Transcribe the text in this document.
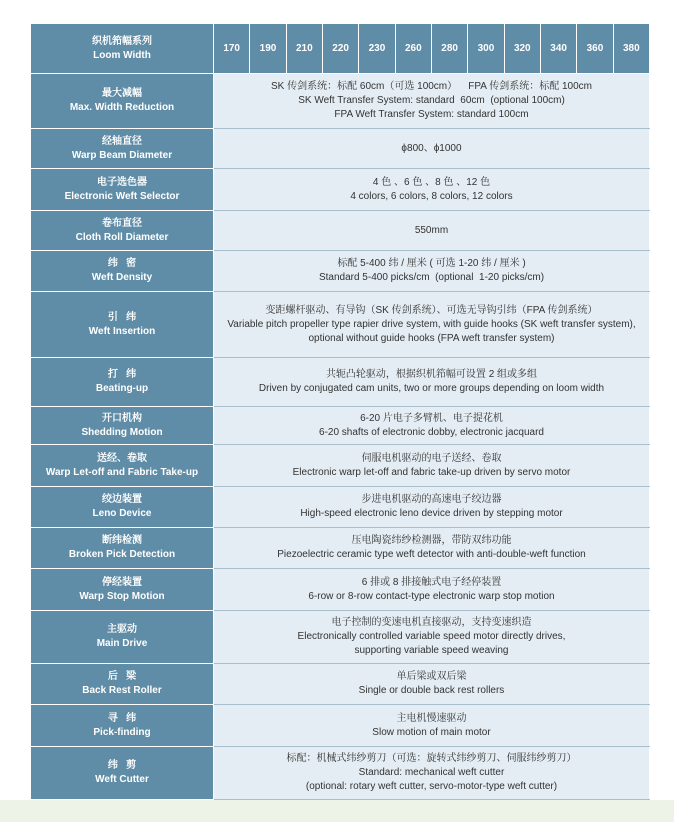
织机筘幅系列
Loom Width	170	190	210	220	230	260	280	300	320	340	360	380

最大减幅
Max. Width Reduction	SK 传剑系统：标配 60cm（可选 100cm）    FPA 传剑系统：标配 100cm
SK Weft Transfer System: standard  60cm  (optional 100cm)
FPA Weft Transfer System: standard 100cm											

经轴直径
Warp Beam Diameter	ϕ800、ϕ1000											

电子选色器
Electronic Weft Selector	4 色 、6 色 、8 色 、12 色
4 colors, 6 colors, 8 colors, 12 colors											

卷布直径
Cloth Roll Diameter	550mm											

纬   密
Weft Density	标配 5-400 纬 / 厘米 ( 可选 1-20 纬 / 厘米 )
Standard 5-400 picks/cm  (optional  1-20 picks/cm)											

引   纬
Weft Insertion	变距螺杆驱动、有导钩（SK 传剑系统）、可选无导钩引纬（FPA 传剑系统）
Variable pitch propeller type rapier drive system, with guide hooks (SK weft transfer system),
optional without guide hooks (FPA weft transfer system)											

打   纬
Beating-up	共轭凸轮驱动，根据织机筘幅可设置 2 组或多组
Driven by conjugated cam units, two or more groups depending on loom width											

开口机构
Shedding Motion	6-20 片电子多臂机、电子提花机
6-20 shafts of electronic dobby, electronic jacquard											

送经、卷取
Warp Let-off and Fabric Take-up	伺服电机驱动的电子送经、卷取
Electronic warp let-off and fabric take-up driven by servo motor											

绞边装置
Leno Device	步进电机驱动的高速电子绞边器
High-speed electronic leno device driven by stepping motor											

断纬检测
Broken Pick Detection	压电陶瓷纬纱检测器，带防双纬功能
Piezoelectric ceramic type weft detector with anti-double-weft function											

停经装置
Warp Stop Motion	6 排或 8 排接触式电子经停装置
6-row or 8-row contact-type electronic warp stop motion											

主驱动
Main Drive	电子控制的变速电机直接驱动，支持变速织造
Electronically controlled variable speed motor directly drives,
supporting variable speed weaving											

后   梁
Back Rest Roller	单后梁或双后梁
Single or double back rest rollers											

寻   纬
Pick-finding	主电机慢速驱动
Slow motion of main motor											

纬   剪
Weft Cutter	标配：机械式纬纱剪刀（可选：旋转式纬纱剪刀、伺服纬纱剪刀）
Standard: mechanical weft cutter
(optional: rotary weft cutter, servo-motor-type weft cutter)											
